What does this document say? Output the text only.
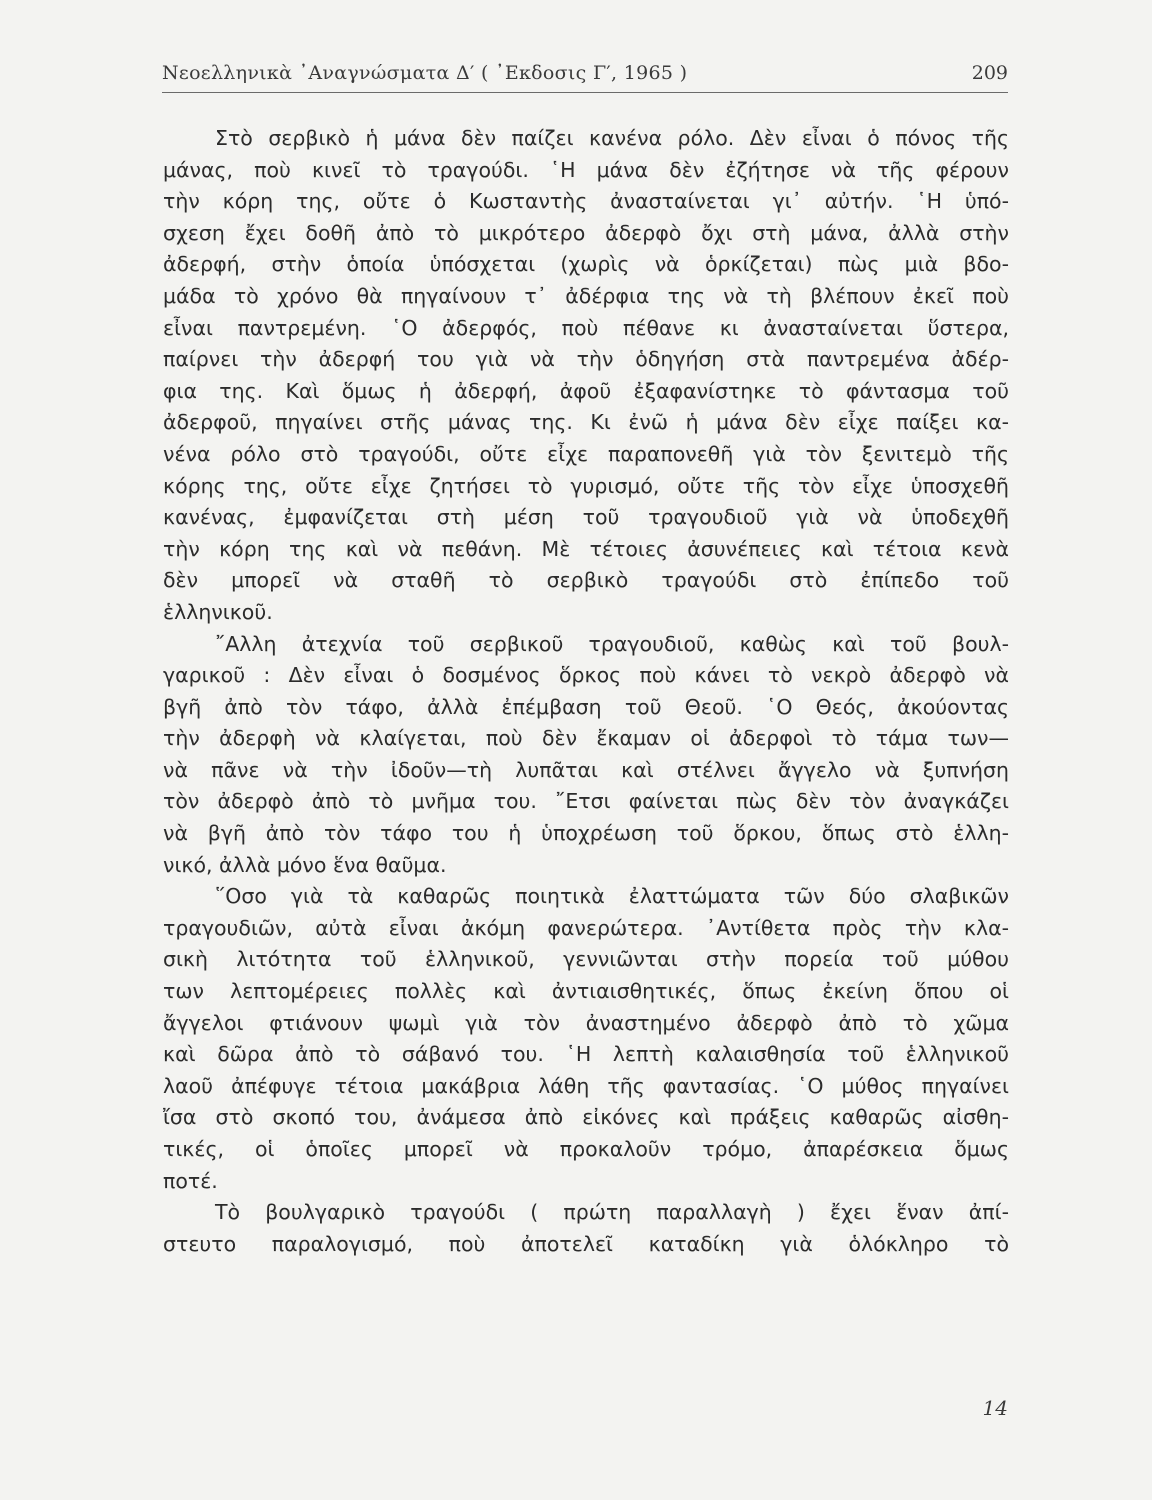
Νεοελληνικὰ ᾿Αναγνώσματα Δ′ ( ᾿Εκδοσις Γ′, 1965 )	209

Στὸ σερβικὸ ἡ μάνα δὲν παίζει κανένα ρόλο. Δὲν εἶναι ὁ πόνος τῆς
μάνας, ποὺ κινεῖ τὸ τραγούδι. ῾Η μάνα δὲν ἐζήτησε νὰ τῆς φέρουν
τὴν κόρη της, οὔτε ὁ Κωσταντὴς ἀνασταίνεται γι᾿ αὐτήν. ῾Η ὑπό-
σχεση ἔχει δοθῆ ἀπὸ τὸ μικρότερο ἀδερφὸ ὄχι στὴ μάνα, ἀλλὰ στὴν
ἀδερφή, στὴν ὁποία ὑπόσχεται (χωρὶς νὰ ὁρκίζεται) πὼς μιὰ βδο-
μάδα τὸ χρόνο θὰ πηγαίνουν τ᾿ ἀδέρφια της νὰ τὴ βλέπουν ἐκεῖ ποὺ
εἶναι παντρεμένη. ῾Ο ἀδερφός, ποὺ πέθανε κι ἀνασταίνεται ὕστερα,
παίρνει τὴν ἀδερφή του γιὰ νὰ τὴν ὁδηγήση στὰ παντρεμένα ἀδέρ-
φια της. Καὶ ὅμως ἡ ἀδερφή, ἀφοῦ ἐξαφανίστηκε τὸ φάντασμα τοῦ
ἀδερφοῦ, πηγαίνει στῆς μάνας της. Κι ἐνῶ ἡ μάνα δὲν εἶχε παίξει κα-
νένα ρόλο στὸ τραγούδι, οὔτε εἶχε παραπονεθῆ γιὰ τὸν ξενιτεμὸ τῆς
κόρης της, οὔτε εἶχε ζητήσει τὸ γυρισμό, οὔτε τῆς τὸν εἶχε ὑποσχεθῆ
κανένας, ἐμφανίζεται στὴ μέση τοῦ τραγουδιοῦ γιὰ νὰ ὑποδεχθῆ
τὴν κόρη της καὶ νὰ πεθάνη. Μὲ τέτοιες ἀσυνέπειες καὶ τέτοια κενὰ
δὲν μπορεῖ νὰ σταθῆ τὸ σερβικὸ τραγούδι στὸ ἐπίπεδο τοῦ
ἑλληνικοῦ.

῎Αλλη ἀτεχνία τοῦ σερβικοῦ τραγουδιοῦ, καθὼς καὶ τοῦ βουλ-
γαρικοῦ : Δὲν εἶναι ὁ δοσμένος ὅρκος ποὺ κάνει τὸ νεκρὸ ἀδερφὸ νὰ
βγῆ ἀπὸ τὸν τάφο, ἀλλὰ ἐπέμβαση τοῦ Θεοῦ. ῾Ο Θεός, ἀκούοντας
τὴν ἀδερφὴ νὰ κλαίγεται, ποὺ δὲν ἔκαμαν οἱ ἀδερφοὶ τὸ τάμα των—
νὰ πᾶνε νὰ τὴν ἰδοῦν—τὴ λυπᾶται καὶ στέλνει ἄγγελο νὰ ξυπνήση
τὸν ἀδερφὸ ἀπὸ τὸ μνῆμα του. ῎Ετσι φαίνεται πὼς δὲν τὸν ἀναγκάζει
νὰ βγῆ ἀπὸ τὸν τάφο του ἡ ὑποχρέωση τοῦ ὅρκου, ὅπως στὸ ἑλλη-
νικό, ἀλλὰ μόνο ἕνα θαῦμα.

῞Οσο γιὰ τὰ καθαρῶς ποιητικὰ ἐλαττώματα τῶν δύο σλαβικῶν
τραγουδιῶν, αὐτὰ εἶναι ἀκόμη φανερώτερα. ᾿Αντίθετα πρὸς τὴν κλα-
σικὴ λιτότητα τοῦ ἑλληνικοῦ, γεννιῶνται στὴν πορεία τοῦ μύθου
των λεπτομέρειες πολλὲς καὶ ἀντιαισθητικές, ὅπως ἐκείνη ὅπου οἱ
ἄγγελοι φτιάνουν ψωμὶ γιὰ τὸν ἀναστημένο ἀδερφὸ ἀπὸ τὸ χῶμα
καὶ δῶρα ἀπὸ τὸ σάβανό του. ῾Η λεπτὴ καλαισθησία τοῦ ἑλληνικοῦ
λαοῦ ἀπέφυγε τέτοια μακάβρια λάθη τῆς φαντασίας. ῾Ο μύθος πηγαίνει
ἴσα στὸ σκοπό του, ἀνάμεσα ἀπὸ εἰκόνες καὶ πράξεις καθαρῶς αἰσθη-
τικές, οἱ ὁποῖες μπορεῖ νὰ προκαλοῦν τρόμο, ἀπαρέσκεια ὅμως
ποτέ.

Τὸ βουλγαρικὸ τραγούδι ( πρώτη παραλλαγὴ ) ἔχει ἕναν ἀπί-
στευτο παραλογισμό, ποὺ ἀποτελεῖ καταδίκη γιὰ ὁλόκληρο τὸ

14
